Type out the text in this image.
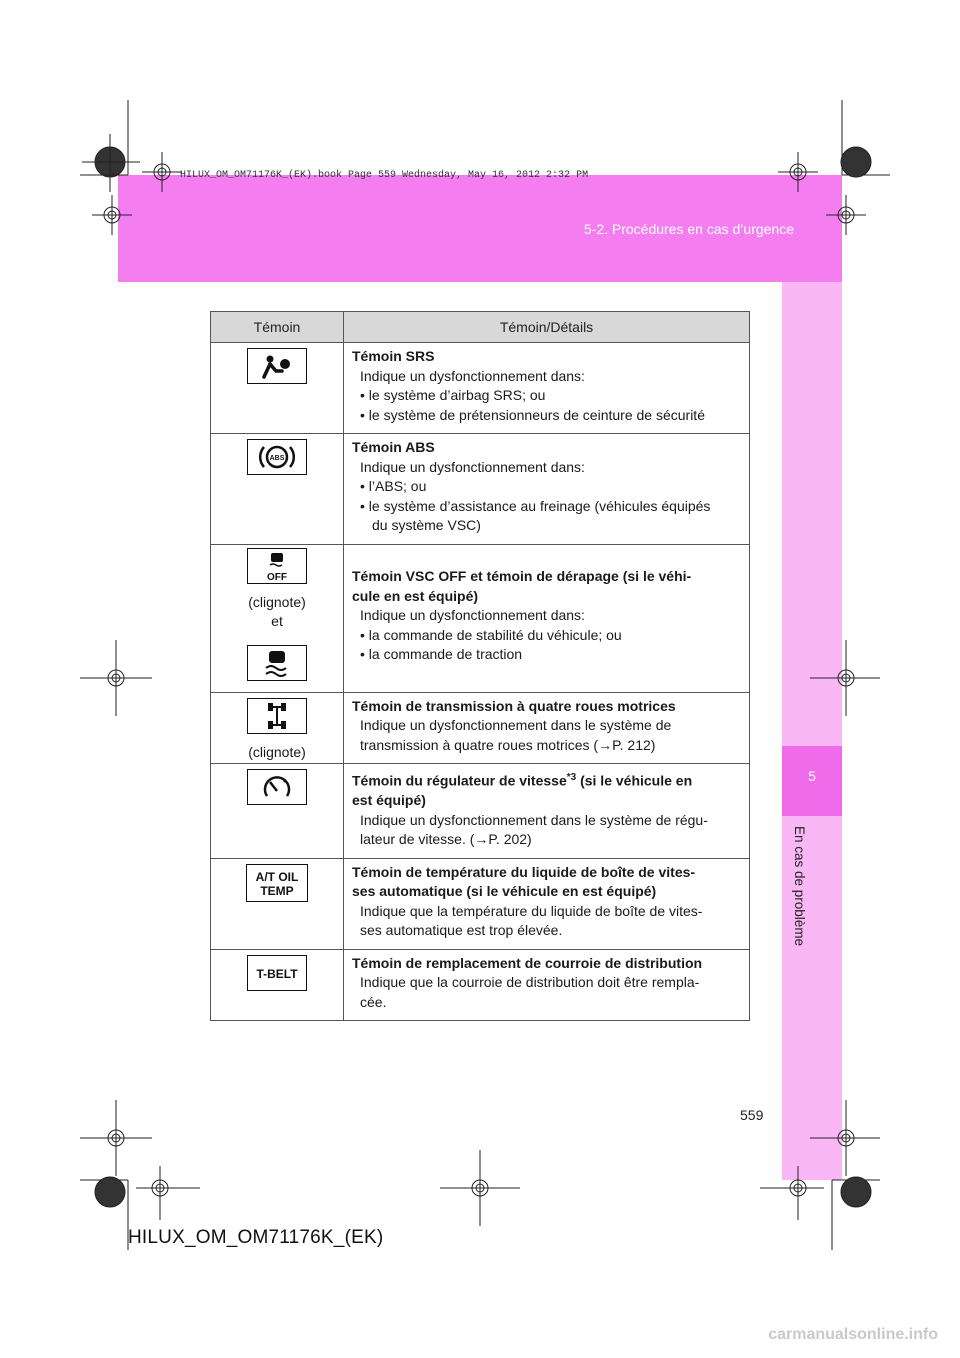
HILUX_OM_OM71176K_(EK).book Page 559 Wednesday, May 16, 2012 2:32 PM
5-2. Procédures en cas d’urgence
5
En cas de problème
Témoin	Témoin/Détails

Témoin SRS
Indique un dysfonctionnement dans:
• le système d’airbag SRS; ou
• le système de prétensionneurs de ceinture de sécurité

ABS	Témoin ABS
Indique un dysfonctionnement dans:
• l’ABS; ou
• le système d’assistance au freinage (véhicules équipés
du système VSC)

OFF
(clignote)
et	Témoin VSC OFF et témoin de dérapage (si le véhi-
cule en est équipé)
Indique un dysfonctionnement dans:
• la commande de stabilité du véhicule; ou
• la commande de traction

(clignote)	Témoin de transmission à quatre roues motrices
Indique un dysfonctionnement dans le système de
transmission à quatre roues motrices (→P. 212)

Témoin du régulateur de vitesse$^{*3}$ (si le véhicule en
est équipé)
Indique un dysfonctionnement dans le système de régu-
lateur de vitesse. (→P. 202)

A/T OIL
TEMP	Témoin de température du liquide de boîte de vites-
ses automatique (si le véhicule en est équipé)
Indique que la température du liquide de boîte de vites-
ses automatique est trop élevée.

T-BELT	Témoin de remplacement de courroie de distribution
Indique que la courroie de distribution doit être rempla-
cée.
559
HILUX_OM_OM71176K_(EK)
carmanualsonline.info
